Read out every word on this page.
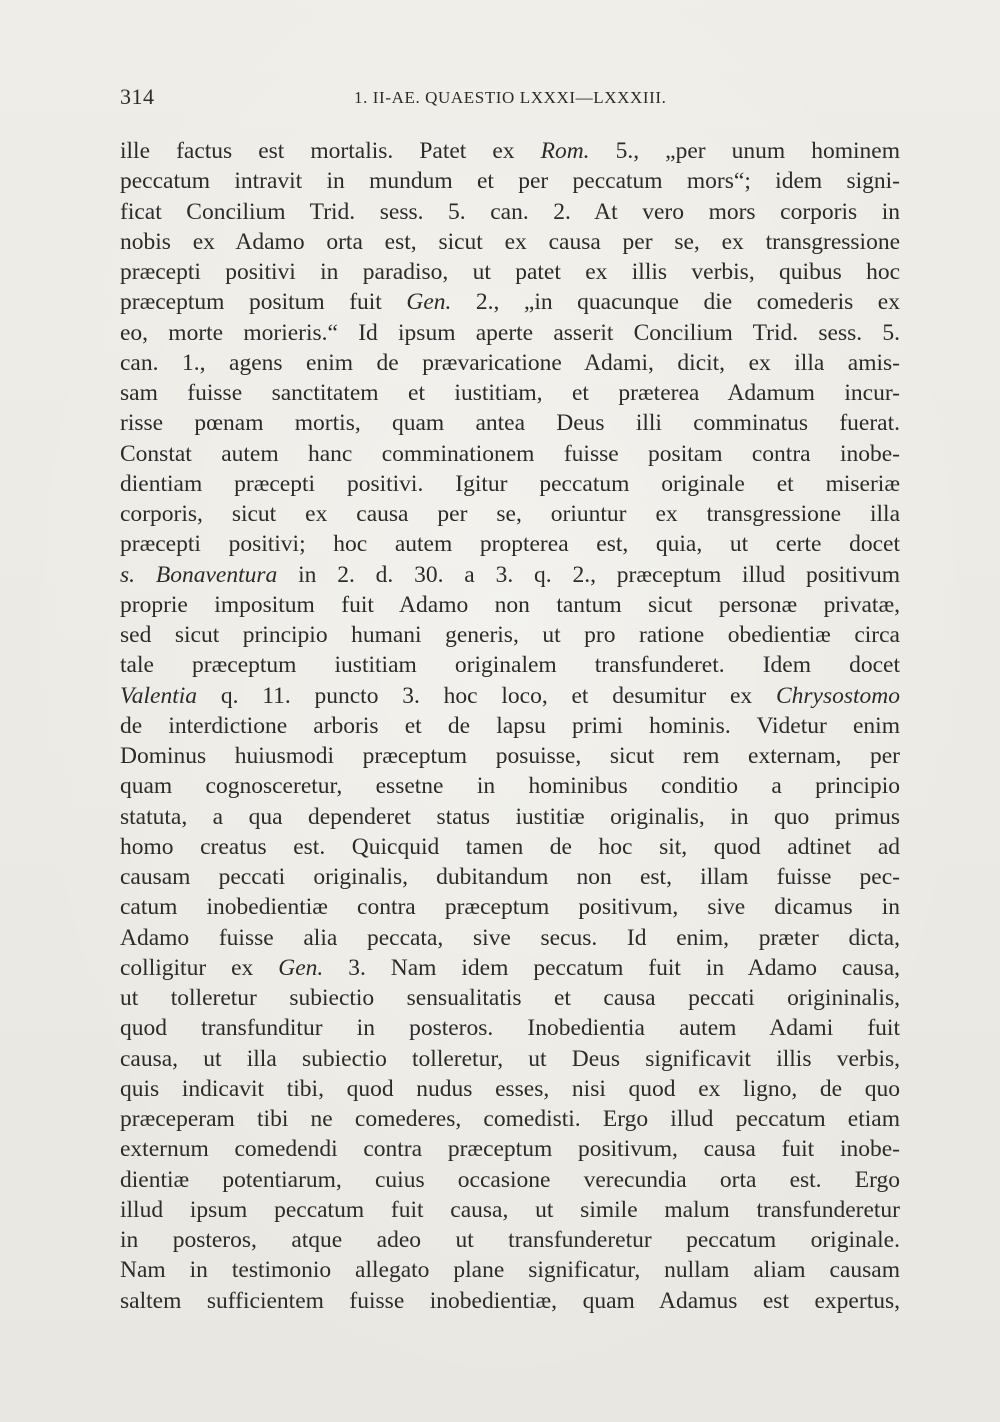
314	1. II-AE. QUAESTIO LXXXI—LXXXIII.
ille factus est mortalis. Patet ex Rom. 5., „per unum hominem
peccatum intravit in mundum et per peccatum mors“; idem signi-
ficat Concilium Trid. sess. 5. can. 2. At vero mors corporis in
nobis ex Adamo orta est, sicut ex causa per se, ex transgressione
præcepti positivi in paradiso, ut patet ex illis verbis, quibus hoc
præceptum positum fuit Gen. 2., „in quacunque die comederis ex
eo, morte morieris.“ Id ipsum aperte asserit Concilium Trid. sess. 5.
can. 1., agens enim de prævaricatione Adami, dicit, ex illa amis-
sam fuisse sanctitatem et iustitiam, et præterea Adamum incur-
risse pœnam mortis, quam antea Deus illi comminatus fuerat.
Constat autem hanc comminationem fuisse positam contra inobe-
dientiam præcepti positivi. Igitur peccatum originale et miseriæ
corporis, sicut ex causa per se, oriuntur ex transgressione illa
præcepti positivi; hoc autem propterea est, quia, ut certe docet
s. Bonaventura in 2. d. 30. a 3. q. 2., præceptum illud positivum
proprie impositum fuit Adamo non tantum sicut personæ privatæ,
sed sicut principio humani generis, ut pro ratione obedientiæ circa
tale præceptum iustitiam originalem transfunderet. Idem docet
Valentia q. 11. puncto 3. hoc loco, et desumitur ex Chrysostomo
de interdictione arboris et de lapsu primi hominis. Videtur enim
Dominus huiusmodi præceptum posuisse, sicut rem externam, per
quam cognosceretur, essetne in hominibus conditio a principio
statuta, a qua dependeret status iustitiæ originalis, in quo primus
homo creatus est. Quicquid tamen de hoc sit, quod adtinet ad
causam peccati originalis, dubitandum non est, illam fuisse pec-
catum inobedientiæ contra præceptum positivum, sive dicamus in
Adamo fuisse alia peccata, sive secus. Id enim, præter dicta,
colligitur ex Gen. 3. Nam idem peccatum fuit in Adamo causa,
ut tolleretur subiectio sensualitatis et causa peccati origininalis,
quod transfunditur in posteros. Inobedientia autem Adami fuit
causa, ut illa subiectio tolleretur, ut Deus significavit illis verbis,
quis indicavit tibi, quod nudus esses, nisi quod ex ligno, de quo
præceperam tibi ne comederes, comedisti. Ergo illud peccatum etiam
externum comedendi contra præceptum positivum, causa fuit inobe-
dientiæ potentiarum, cuius occasione verecundia orta est. Ergo
illud ipsum peccatum fuit causa, ut simile malum transfunderetur
in posteros, atque adeo ut transfunderetur peccatum originale.
Nam in testimonio allegato plane significatur, nullam aliam causam
saltem sufficientem fuisse inobedientiæ, quam Adamus est expertus,
